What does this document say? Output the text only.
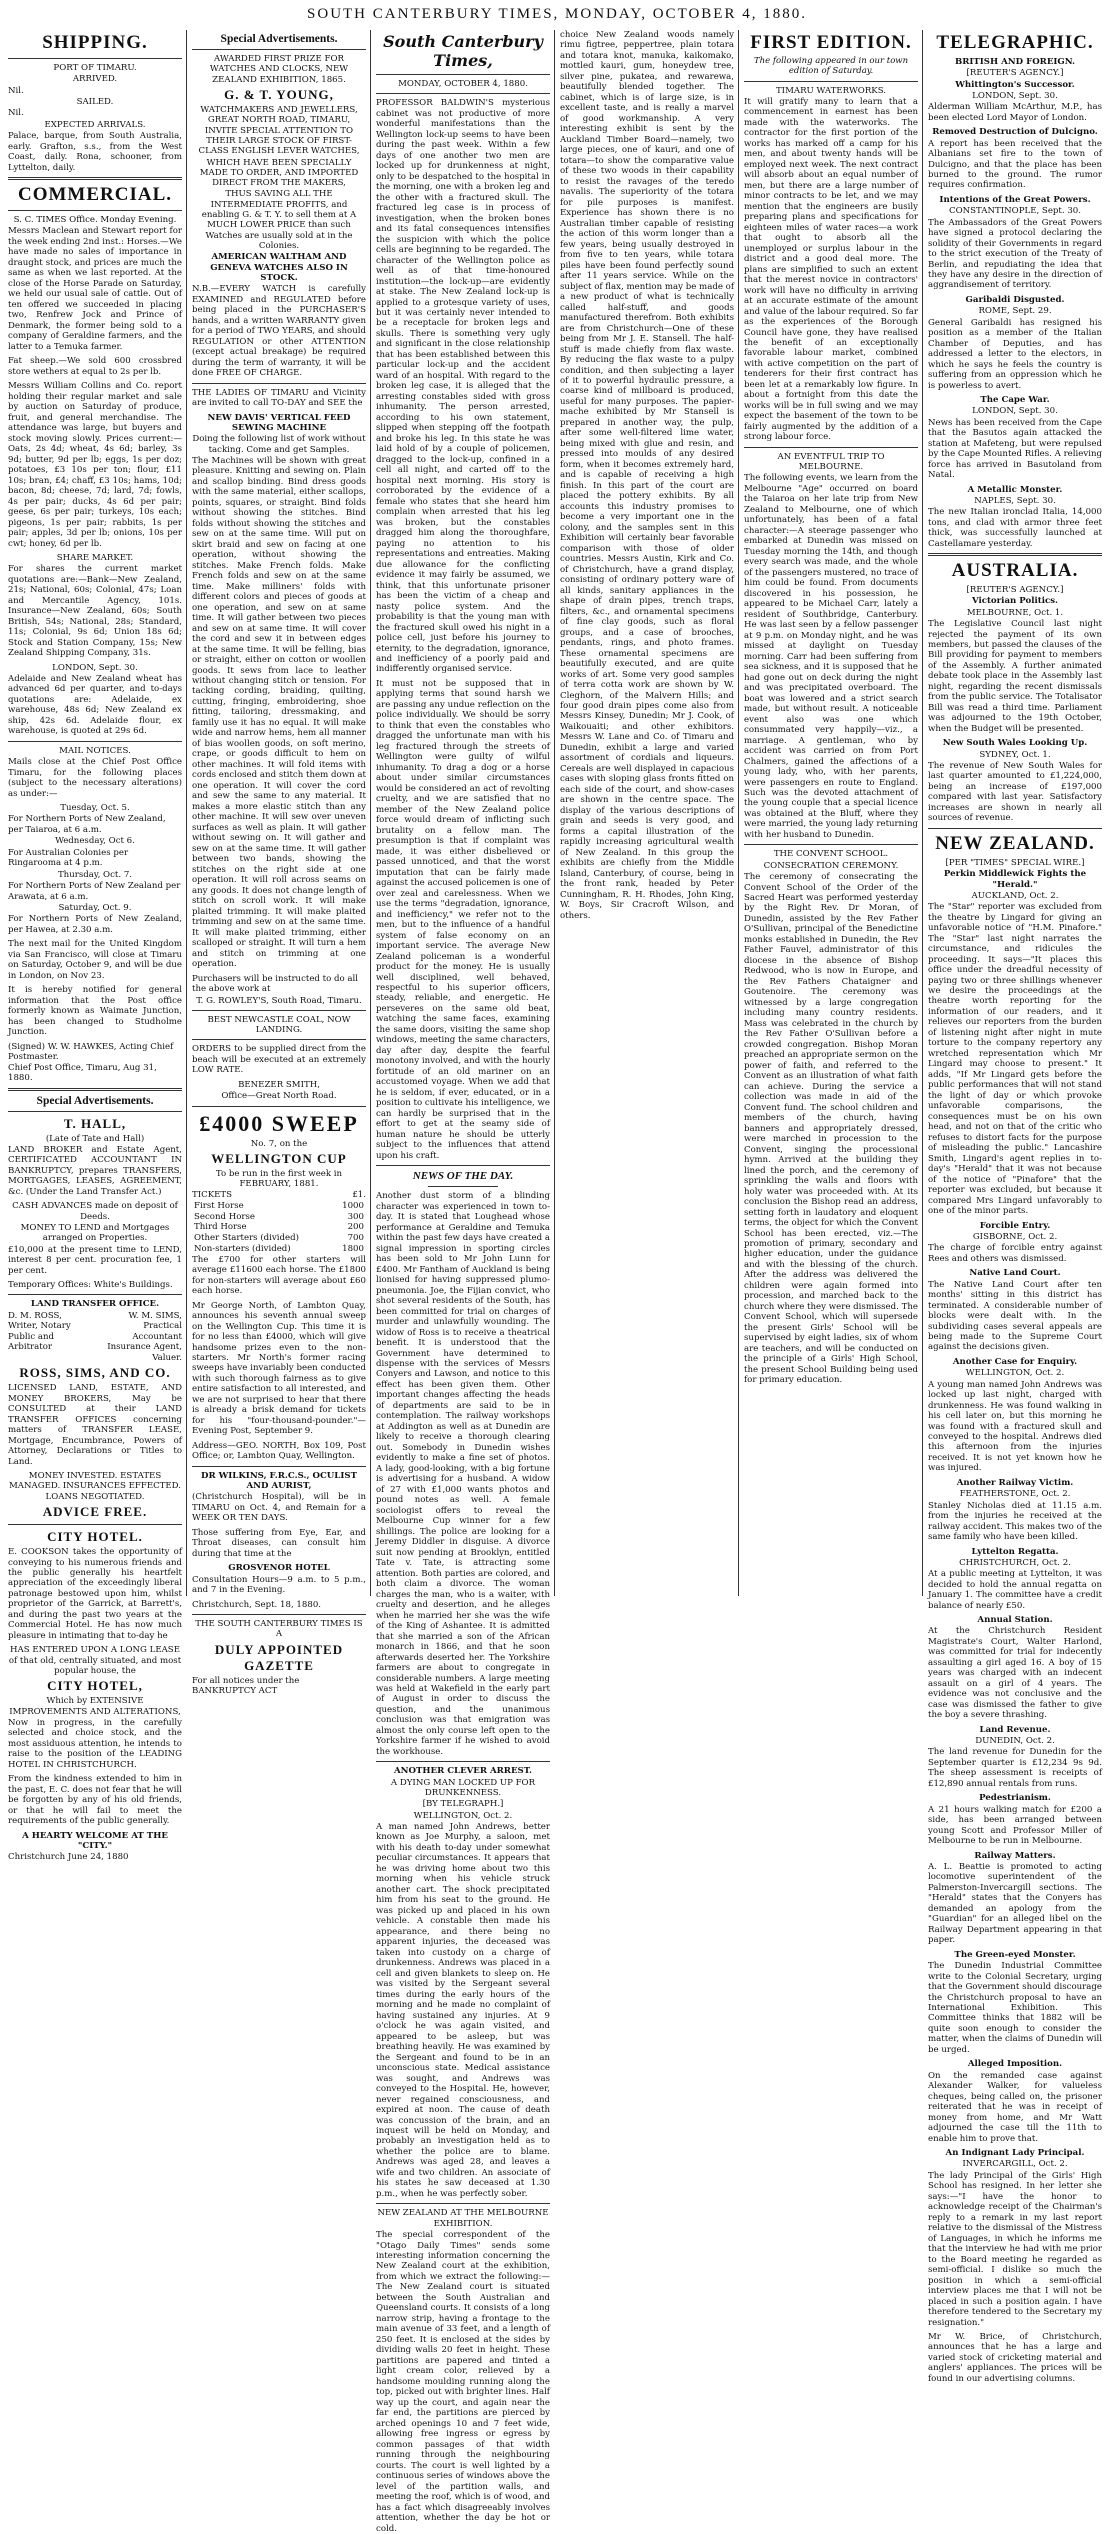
SOUTH CANTERBURY TIMES, MONDAY, OCTOBER 4, 1880.
SHIPPING.
PORT OF TIMARU.
ARRIVED.
Nil.
SAILED.
Nil.
EXPECTED ARRIVALS.
Palace, barque, from South Australia, early. Grafton, s.s., from the West Coast, daily. Rona, schooner, from Lyttelton, daily.
COMMERCIAL.
S. C. TIMES Office. Monday Evening.
Messrs Maclean and Stewart report for the week ending 2nd inst.: Horses.—We have made no sales of importance in draught stock, and prices are much the same as when we last reported. At the close of the Horse Parade on Saturday, we held our usual sale of cattle. Out of ten offered we succeeded in placing two, Renfrew Jock and Prince of Denmark, the former being sold to a company of Geraldine farmers, and the latter to a Temuka farmer.
Fat sheep.—We sold 600 crossbred store wethers at equal to 2s per lb.
Messrs William Collins and Co. report holding their regular market and sale by auction on Saturday of produce, fruit, and general merchandise. The attendance was large, but buyers and stock moving slowly. Prices current:—Oats, 2s 4d; wheat, 4s 6d; barley, 3s 9d; butter, 9d per lb; eggs, 1s per doz; potatoes, £3 10s per ton; flour, £11 10s; bran, £4; chaff, £3 10s; hams, 10d; bacon, 8d; cheese, 7d; lard, 7d; fowls, 4s per pair; ducks, 4s 6d per pair; geese, 6s per pair; turkeys, 10s each; pigeons, 1s per pair; rabbits, 1s per pair; apples, 3d per lb; onions, 10s per cwt; honey, 6d per lb.
SHARE MARKET.
For shares the current market quotations are:—Bank—New Zealand, 21s; National, 60s; Colonial, 47s; Loan and Mercantile Agency, 101s. Insurance—New Zealand, 60s; South British, 54s; National, 28s; Standard, 11s; Colonial, 9s 6d; Union 18s 6d; Stock and Station Company, 15s; New Zealand Shipping Company, 31s.
LONDON, Sept. 30.
Adelaide and New Zealand wheat has advanced 6d per quarter, and to-days quotations are: Adelaide, ex warehouse, 48s 6d; New Zealand ex ship, 42s 6d. Adelaide flour, ex warehouse, is quoted at 29s 6d.
MAIL NOTICES.
Mails close at the Chief Post Office Timaru, for the following places (subject to the necessary alterations) as under:—
Tuesday, Oct. 5.
For Northern Ports of New Zealand, per Taiaroa, at 6 a.m.
Wednesday, Oct 6.
For Australian Colonies per Ringarooma at 4 p.m.
Thursday, Oct. 7.
For Northern Ports of New Zealand per Arawata, at 6 a.m.
Saturday, Oct. 9.
For Northern Ports of New Zealand, per Hawea, at 2.30 a.m.
The next mail for the United Kingdom via San Francisco, will close at Timaru on Saturday, October 9, and will be due in London, on Nov 23.
It is hereby notified for general information that the Post office formerly known as Waimate Junction, has been changed to Studholme Junction.
(Signed) W. W. HAWKES, Acting Chief Postmaster.
Chief Post Office, Timaru, Aug 31, 1880.
Special Advertisements.
T. HALL,
(Late of Tate and Hall)
LAND BROKER and Estate Agent, CERTIFICATED ACCOUNTANT IN BANKRUPTCY, prepares TRANSFERS, MORTGAGES, LEASES, AGREEMENT, &c. (Under the Land Transfer Act.)
CASH ADVANCES made on deposit of Deeds.
MONEY TO LEND and Mortgages arranged on Properties.
£10,000 at the present time to LEND, interest 8 per cent. procuration fee, 1 per cent.
Temporary Offices: White's Buildings.
LAND TRANSFER OFFICE.
D. M. ROSS, Writer, Notary Public and Arbitrator
W. M. SIMS, Practical Accountant Insurance Agent, Valuer.
ROSS, SIMS, AND CO.
LICENSED LAND, ESTATE, AND MONEY BROKERS, May be CONSULTED at their LAND TRANSFER OFFICES concerning matters of TRANSFER LEASE, Mortgage, Encumbrance, Powers of Attorney, Declarations or Titles to Land.
MONEY INVESTED. ESTATES MANAGED. INSURANCES EFFECTED. LOANS NEGOTIATED.
ADVICE FREE.
CITY HOTEL.
E. COOKSON takes the opportunity of conveying to his numerous friends and the public generally his heartfelt appreciation of the exceedingly liberal patronage bestowed upon him, whilst proprietor of the Garrick, at Barrett's, and during the past two years at the Commercial Hotel. He has now much pleasure in intimating that to-day he
HAS ENTERED UPON A LONG LEASE of that old, centrally situated, and most popular house, the
CITY HOTEL,
Which by EXTENSIVE IMPROVEMENTS AND ALTERATIONS,
Now in progress, in the carefully selected and choice stock, and the most assiduous attention, he intends to raise to the position of the LEADING HOTEL IN CHRISTCHURCH.
From the kindness extended to him in the past, E. C. does not fear that he will be forgotten by any of his old friends, or that he will fail to meet the requirements of the public generally.
A HEARTY WELCOME AT THE "CITY."
Christchurch June 24, 1880
Special Advertisements.
AWARDED FIRST PRIZE FOR WATCHES AND CLOCKS, NEW ZEALAND EXHIBITION, 1865.
G. & T. YOUNG,
WATCHMAKERS AND JEWELLERS, GREAT NORTH ROAD, TIMARU, INVITE SPECIAL ATTENTION TO THEIR LARGE STOCK OF FIRST-CLASS ENGLISH LEVER WATCHES,
WHICH HAVE BEEN SPECIALLY MADE TO ORDER, AND IMPORTED DIRECT FROM THE MAKERS,
THUS SAVING ALL THE INTERMEDIATE PROFITS, and enabling G. & T. Y. to sell them at A MUCH LOWER PRICE than such Watches are usually sold at in the Colonies.
AMERICAN WALTHAM AND GENEVA WATCHES ALSO IN STOCK.
N.B.—EVERY WATCH is carefully EXAMINED and REGULATED before being placed in the PURCHASER'S hands, and a written WARRANTY given for a period of TWO YEARS, and should REGULATION or other ATTENTION (except actual breakage) be required during the term of warranty, it will be done FREE OF CHARGE.
THE LADIES OF TIMARU and Vicinity are invited to call TO-DAY and SEE the
NEW DAVIS' VERTICAL FEED SEWING MACHINE
Doing the following list of work without tacking. Come and get Samples.
The Machines will be shown with great pleasure. Knitting and sewing on. Plain and scallop binding. Bind dress goods with the same material, either scallops, points, squares, or straight. Bind folds without showing the stitches. Bind folds without showing the stitches and sew on at the same time. Will put on skirt braid and sew on facing at one operation, without showing the stitches. Make French folds. Make French folds and sew on at the same time. Make milliners' folds with different colors and pieces of goods at one operation, and sew on at same time. It will gather between two pieces and sew on at same time. It will cover the cord and sew it in between edges at the same time. It will be felling, bias or straight, either on cotton or woollen goods. It sews from lace to leather without changing stitch or tension. For tacking cording, braiding, quilting, cutting, fringing, embroidering, shoe fitting, tailoring, dressmaking, and family use it has no equal. It will make wide and narrow hems, hem all manner of bias woollen goods, on soft merino, crape, or goods difficult to hem on other machines. It will fold items with cords enclosed and stitch them down at one operation. It will cover the cord and sew the same to any material. It makes a more elastic stitch than any other machine. It will sew over uneven surfaces as well as plain. It will gather without sewing on. It will gather and sew on at the same time. It will gather between two bands, showing the stitches on the right side at one operation. It will roll across seams on any goods. It does not change length of stitch on scroll work. It will make plaited trimming. It will make plaited trimming and sew on at the same time. It will make plaited trimming, either scalloped or straight. It will turn a hem and stitch on trimming at one operation.
Purchasers will be instructed to do all the above work at
T. G. ROWLEY'S, South Road, Timaru.
BEST NEWCASTLE COAL, NOW LANDING.
ORDERS to be supplied direct from the beach will be executed at an extremely LOW RATE.
BENEZER SMITH,
Office—Great North Road.
£4000 SWEEP
No. 7, on the
WELLINGTON CUP
To be run in the first week in FEBRUARY, 1881.
TICKETS	£1.
First Horse	1000
Second Horse	300
Third Horse	200
Other Starters (divided)	700
Non-starters (divided)	1800
The £700 for other starters will average £11600 each horse. The £1800 for non-starters will average about £60 each horse.
Mr George North, of Lambton Quay, announces his seventh annual sweep on the Wellington Cup. This time it is for no less than £4000, which will give handsome prizes even to the non-starters. Mr North's former racing sweeps have invariably been conducted with such thorough fairness as to give entire satisfaction to all interested, and we are not surprised to hear that there is already a brisk demand for tickets for his "four-thousand-pounder."—Evening Post, September 9.
Address—GEO. NORTH, Box 109, Post Office; or, Lambton Quay, Wellington.
DR WILKINS, F.R.C.S., OCULIST AND AURIST,
(Christchurch Hospital), will be in TIMARU on Oct. 4, and Remain for a WEEK OR TEN DAYS.
Those suffering from Eye, Ear, and Throat diseases, can consult him during that time at the
GROSVENOR HOTEL
Consultation Hours—9 a.m. to 5 p.m., and 7 in the Evening.
Christchurch, Sept. 18, 1880.
THE SOUTH CANTERBURY TIMES IS A
DULY APPOINTED GAZETTE
For all notices under the BANKRUPTCY ACT
South Canterbury Times,
MONDAY, OCTOBER 4, 1880.
PROFESSOR BALDWIN'S mysterious cabinet was not productive of more wonderful manifestations than the Wellington lock-up seems to have been during the past week. Within a few days of one another two men are locked up for drunkenness at night, only to be despatched to the hospital in the morning, one with a broken leg and the other with a fractured skull. The fractured leg case is in process of investigation, when the broken bones and its fatal consequences intensifies the suspicion with which the police cells are beginning to be regarded. The character of the Wellington police as well as of that time-honoured institution—the lock-up—are evidently at stake. The New Zealand lock-up is applied to a grotesque variety of uses, but it was certainly never intended to be a receptacle for broken legs and skulls. There is something very ugly and significant in the close relationship that has been established between this particular lock-up and the accident ward of an hospital. With regard to the broken leg case, it is alleged that the arresting constables sided with gross inhumanity. The person arrested, according to his own statement, slipped when stepping off the footpath and broke his leg. In this state he was laid hold of by a couple of policemen, dragged to the lock-up, confined in a cell all night, and carted off to the hospital next morning. His story is corroborated by the evidence of a female who states that she heard him complain when arrested that his leg was broken, but the constables dragged him along the thoroughfare, paying no attention to his representations and entreaties. Making due allowance for the conflicting evidence it may fairly be assumed, we think, that this unfortunate prisoner has been the victim of a cheap and nasty police system. And the probability is that the young man with the fractured skull owed his night in a police cell, just before his journey to eternity, to the degradation, ignorance, and inefficiency of a poorly paid and indifferently organised service.
It must not be supposed that in applying terms that sound harsh we are passing any undue reflection on the police individually. We should be sorry to think that even the constables who dragged the unfortunate man with his leg fractured through the streets of Wellington were guilty of wilful inhumanity. To drag a dog or a horse about under similar circumstances would be considered an act of revolting cruelty, and we are satisfied that no member of the New Zealand police force would dream of inflicting such brutality on a fellow man. The presumption is that if complaint was made, it was either disbelieved or passed unnoticed, and that the worst imputation that can be fairly made against the accused policemen is one of over zeal and carelessness. When we use the terms "degradation, ignorance, and inefficiency," we refer not to the men, but to the influence of a handful system of false economy on an important service. The average New Zealand policeman is a wonderful product for the money. He is usually well disciplined, well behaved, respectful to his superior officers, steady, reliable, and energetic. He perseveres on the same old beat, watching the same faces, examining the same doors, visiting the same shop windows, meeting the same characters, day after day, despite the fearful monotony involved, and with the hourly fortitude of an old mariner on an accustomed voyage. When we add that he is seldom, if ever, educated, or in a position to cultivate his intelligence, we can hardly be surprised that in the effort to get at the seamy side of human nature he should be utterly subject to the influences that attend upon his craft.
NEWS OF THE DAY.
Another dust storm of a blinding character was experienced in town to-day. It is stated that Loughead whose performance at Geraldine and Temuka within the past few days have created a signal impression in sporting circles has been sold to Mr John Lunn for £400. Mr Fantham of Auckland is being lionised for having suppressed plumo-pneumonia. Joe, the Fijian convict, who shot several residents of the South, has been committed for trial on charges of murder and unlawfully wounding. The widow of Ross is to receive a theatrical benefit. It is understood that the Government have determined to dispense with the services of Messrs Conyers and Lawson, and notice to this effect has been given them. Other important changes affecting the heads of departments are said to be in contemplation. The railway workshops at Addington as well as at Dunedin are likely to receive a thorough clearing out. Somebody in Dunedin wishes evidently to make a fine set of photos. A lady, good-looking, with a big fortune is advertising for a husband. A widow of 27 with £1,000 wants photos and pound notes as well. A female sociologist offers to reveal the Melbourne Cup winner for a few shillings. The police are looking for a Jeremy Diddler in disguise. A divorce suit now pending at Brooklyn, entitled Tate v. Tate, is attracting some attention. Both parties are colored, and both claim a divorce. The woman charges the man, who is a waiter, with cruelty and desertion, and he alleges when he married her she was the wife of the King of Ashantee. It is admitted that she married a son of the African monarch in 1866, and that he soon afterwards deserted her. The Yorkshire farmers are about to congregate in considerable numbers. A large meeting was held at Wakefield in the early part of August in order to discuss the question, and the unanimous conclusion was that emigration was almost the only course left open to the Yorkshire farmer if he wished to avoid the workhouse.
ANOTHER CLEVER ARREST.
A DYING MAN LOCKED UP FOR DRUNKENNESS.
[BY TELEGRAPH.]
WELLINGTON, Oct. 2.
A man named John Andrews, better known as Joe Murphy, a saloon, met with his death to-day under somewhat peculiar circumstances. It appears that he was driving home about two this morning when his vehicle struck another cart. The shock precipitated him from his seat to the ground. He was picked up and placed in his own vehicle. A constable then made his appearance, and there being no apparent injuries, the deceased was taken into custody on a charge of drunkenness. Andrews was placed in a cell and given blankets to sleep on. He was visited by the Sergeant several times during the early hours of the morning and he made no complaint of having sustained any injuries. At 9 o'clock he was again visited, and appeared to be asleep, but was breathing heavily. He was examined by the Sergeant and found to be in an unconscious state. Medical assistance was sought, and Andrews was conveyed to the Hospital. He, however, never regained consciousness, and expired at noon. The cause of death was concussion of the brain, and an inquest will be held on Monday, and probably an investigation held as to whether the police are to blame. Andrews was aged 28, and leaves a wife and two children. An associate of his states he saw deceased at 1.30 p.m., when he was perfectly sober.
NEW ZEALAND AT THE MELBOURNE EXHIBITION.
The special correspondent of the "Otago Daily Times" sends some interesting information concerning the New Zealand court at the exhibition, from which we extract the following:— The New Zealand court is situated between the South Australian and Queensland courts. It consists of a long narrow strip, having a frontage to the main avenue of 33 feet, and a length of 250 feet. It is enclosed at the sides by dividing walls 20 feet in height. These partitions are papered and tinted a light cream color, relieved by a handsome moulding running along the top, picked out with brighter lines. Half way up the court, and again near the far end, the partitions are pierced by arched openings 10 and 7 feet wide, allowing free ingress or egress by common passages of that width running through the neighbouring courts. The court is well lighted by a continuous series of windows above the level of the partition walls, and meeting the roof, which is of wood, and has a fact which disagreeably involves attention, whether the day be hot or cold.
choice New Zealand woods namely rimu figtree, peppertree, plain totara and totara knot, manuka, kaikomako, mottled kauri, gum, honeydew tree, silver pine, pukatea, and rewarewa, beautifully blended together. The cabinet, which is of large size, is in excellent taste, and is really a marvel of good workmanship. A very interesting exhibit is sent by the Auckland Timber Board—namely, two large pieces, one of kauri, and one of totara—to show the comparative value of these two woods in their capability to resist the ravages of the teredo navalis. The superiority of the totara for pile purposes is manifest. Experience has shown there is no Australian timber capable of resisting the action of this worm longer than a few years, being usually destroyed in from five to ten years, while totara piles have been found perfectly sound after 11 years service. While on the subject of flax, mention may be made of a new product of what is technically called half-stuff, and goods manufactured therefrom. Both exhibits are from Christchurch—One of these being from Mr J. E. Stansell. The half-stuff is made chiefly from flax waste. By reducing the flax waste to a pulpy condition, and then subjecting a layer of it to powerful hydraulic pressure, a coarse kind of millboard is produced, useful for many purposes. The papier-mache exhibited by Mr Stansell is prepared in another way, the pulp, after some well-filtered lime water, being mixed with glue and resin, and pressed into moulds of any desired form, when it becomes extremely hard, and is capable of receiving a high finish. In this part of the court are placed the pottery exhibits. By all accounts this industry promises to become a very important one in the colony, and the samples sent in this Exhibition will certainly bear favorable comparison with those of older countries. Messrs Austin, Kirk and Co. of Christchurch, have a grand display, consisting of ordinary pottery ware of all kinds, sanitary appliances in the shape of drain pipes, trench traps, filters, &c., and ornamental specimens of fine clay goods, such as floral groups, and a case of brooches, pendants, rings, and photo frames. These ornamental specimens are beautifully executed, and are quite works of art. Some very good samples of terra cotta work are shown by W. Cleghorn, of the Malvern Hills; and four good drain pipes come also from Messrs Kinsey, Dunedin; Mr J. Cook, of Waikouaiti; and other exhibitors. Messrs W. Lane and Co. of Timaru and Dunedin, exhibit a large and varied assortment of cordials and liqueurs. Cereals are well displayed in capacious cases with sloping glass fronts fitted on each side of the court, and show-cases are shown in the centre space. The display of the various descriptions of grain and seeds is very good, and forms a capital illustration of the rapidly increasing agricultural wealth of New Zealand. In this group the exhibits are chiefly from the Middle Island, Canterbury, of course, being in the front rank, headed by Peter Cunningham, R. H. Rhodes, John King, W. Boys, Sir Cracroft Wilson, and others.
FIRST EDITION.
The following appeared in our town edition of Saturday.
TIMARU WATERWORKS.
It will gratify many to learn that a commencement in earnest has been made with the waterworks. The contractor for the first portion of the works has marked off a camp for his men, and about twenty hands will be employed next week. The next contract will absorb about an equal number of men, but there are a large number of minor contracts to be let, and we may mention that the engineers are busily preparing plans and specifications for eighteen miles of water races—a work that ought to absorb all the unemployed or surplus labour in the district and a good deal more. The plans are simplified to such an extent that the merest novice in contractors' work will have no difficulty in arriving at an accurate estimate of the amount and value of the labour required. So far as the experiences of the Borough Council have gone, they have realised the benefit of an exceptionally favorable labour market, combined with active competition on the part of tenderers for their first contract has been let at a remarkably low figure. In about a fortnight from this date the works will be in full swing and we may expect the basement of the town to be fairly augmented by the addition of a strong labour force.
AN EVENTFUL TRIP TO MELBOURNE.
The following events, we learn from the Melbourne "Age" occurred on board the Taiaroa on her late trip from New Zealand to Melbourne, one of which unfortunately, has been of a fatal character:—A steerage passenger who embarked at Dunedin was missed on Tuesday morning the 14th, and though every search was made, and the whole of the passengers mustered, no trace of him could be found. From documents discovered in his possession, he appeared to be Michael Carr, lately a resident of Southbridge, Canterbury. He was last seen by a fellow passenger at 9 p.m. on Monday night, and he was missed at daylight on Tuesday morning. Carr had been suffering from sea sickness, and it is supposed that he had gone out on deck during the night and was precipitated overboard. The boat was lowered and a strict search made, but without result. A noticeable event also was one which consummated very happily—viz., a marriage. A gentleman, who by accident was carried on from Port Chalmers, gained the affections of a young lady, who, with her parents, were passengers en route to England. Such was the devoted attachment of the young couple that a special licence was obtained at the Bluff, where they were married, the young lady returning with her husband to Dunedin.
THE CONVENT SCHOOL.
CONSECRATION CEREMONY.
The ceremony of consecrating the Convent School of the Order of the Sacred Heart was performed yesterday by the Right Rev. Dr Moran, of Dunedin, assisted by the Rev Father O'Sullivan, principal of the Benedictine monks established in Dunedin, the Rev Father Fauvel, administrator of this diocese in the absence of Bishop Redwood, who is now in Europe, and the Rev Fathers Chataigner and Goutenoire. The ceremony was witnessed by a large congregation including many country residents. Mass was celebrated in the church by the Rev Father O'Sullivan before a crowded congregation. Bishop Moran preached an appropriate sermon on the power of faith, and referred to the Convent as an illustration of what faith can achieve. During the service a collection was made in aid of the Convent fund. The school children and members of the church, having banners and appropriately dressed, were marched in procession to the Convent, singing the processional hymn. Arrived at the building they lined the porch, and the ceremony of sprinkling the walls and floors with holy water was proceeded with. At its conclusion the Bishop read an address, setting forth in laudatory and eloquent terms, the object for which the Convent School has been erected, viz.—The promotion of primary, secondary and higher education, under the guidance and with the blessing of the church. After the address was delivered the children were again formed into procession, and marched back to the church where they were dismissed. The Convent School, which will supersede the present Girls' School will be supervised by eight ladies, six of whom are teachers, and will be conducted on the principle of a Girls' High School, the present School Building being used for primary education.
TELEGRAPHIC.
BRITISH AND FOREIGN.
[REUTER'S AGENCY.]
Whittington's Successor.
LONDON, Sept. 30.
Alderman William McArthur, M.P., has been elected Lord Mayor of London.
Removed Destruction of Dulcigno.
A report has been received that the Albanians set fire to the town of Dulcigno, and that the place has been burned to the ground. The rumor requires confirmation.
Intentions of the Great Powers.
CONSTANTINOPLE, Sept. 30.
The Ambassadors of the Great Powers have signed a protocol declaring the solidity of their Governments in regard to the strict execution of the Treaty of Berlin, and repudiating the idea that they have any desire in the direction of aggrandisement of territory.
Garibaldi Disgusted.
ROME, Sept. 29.
General Garibaldi has resigned his position as a member of the Italian Chamber of Deputies, and has addressed a letter to the electors, in which he says he feels the country is suffering from an oppression which he is powerless to avert.
The Cape War.
LONDON, Sept. 30.
News has been received from the Cape that the Basutos again attacked the station at Mafeteng, but were repulsed by the Cape Mounted Rifles. A relieving force has arrived in Basutoland from Natal.
A Metallic Monster.
NAPLES, Sept. 30.
The new Italian ironclad Italia, 14,000 tons, and clad with armor three feet thick, was successfully launched at Castellamare yesterday.
AUSTRALIA.
[REUTER'S AGENCY.]
Victorian Politics.
MELBOURNE, Oct. 1.
The Legislative Council last night rejected the payment of its own members, but passed the clauses of the Bill providing for payment to members of the Assembly. A further animated debate took place in the Assembly last night, regarding the recent dismissals from the public service. The Totalisator Bill was read a third time. Parliament was adjourned to the 19th October, when the Budget will be presented.
New South Wales Looking Up.
SYDNEY, Oct. 1.
The revenue of New South Wales for last quarter amounted to £1,224,000, being an increase of £197,000 compared with last year. Satisfactory increases are shown in nearly all sources of revenue.
NEW ZEALAND.
[PER "TIMES" SPECIAL WIRE.]
Perkin Middlewick Fights the "Herald."
AUCKLAND, Oct. 2.
The "Star" reporter was excluded from the theatre by Lingard for giving an unfavorable notice of "H.M. Pinafore." The "Star" last night narrates the circumstance, and ridicules the proceeding. It says—"It places this office under the dreadful necessity of paying two or three shillings whenever we desire the proceedings at the theatre worth reporting for the information of our readers, and it relieves our reporters from the burden of listening night after night in mute torture to the company repertory any wretched representation which Mr Lingard may choose to present." It adds, "If Mr Lingard gets before the public performances that will not stand the light of day or which provoke unfavorable comparisons, the consequences must be on his own head, and not on that of the critic who refuses to distort facts for the purpose of misleading the public." Lancashire Smith, Lingard's agent replies in to-day's "Herald" that it was not because of the notice of "Pinafore" that the reporter was excluded, but because it compared Mrs Lingard unfavorably to one of the minor parts.
Forcible Entry.
GISBORNE, Oct. 2.
The charge of forcible entry against Rees and others was dismissed.
Native Land Court.
The Native Land Court after ten months' sitting in this district has terminated. A considerable number of blocks were dealt with. In the subdividing cases several appeals are being made to the Supreme Court against the decisions given.
Another Case for Enquiry.
WELLINGTON, Oct. 2.
A young man named John Andrews was locked up last night, charged with drunkenness. He was found walking in his cell later on, but this morning he was found with a fractured skull and conveyed to the hospital. Andrews died this afternoon from the injuries received. It is not yet known how he was injured.
Another Railway Victim.
FEATHERSTONE, Oct. 2.
Stanley Nicholas died at 11.15 a.m. from the injuries he received at the railway accident. This makes two of the same family who have been killed.
Lyttelton Regatta.
CHRISTCHURCH, Oct. 2.
At a public meeting at Lyttelton, it was decided to hold the annual regatta on January 1. The committee have a credit balance of nearly £50.
Annual Station.
At the Christchurch Resident Magistrate's Court, Walter Harlond, was committed for trial for indecently assaulting a girl aged 16. A boy of 15 years was charged with an indecent assault on a girl of 4 years. The evidence was not conclusive and the case was dismissed the father to give the boy a severe thrashing.
Land Revenue.
DUNEDIN, Oct. 2.
The land revenue for Dunedin for the September quarter is £12,234 9s 9d. The sheep assessment is receipts of £12,890 annual rentals from runs.
Pedestrianism.
A 21 hours walking match for £200 a side, has been arranged between young Scott and Professor Miller of Melbourne to be run in Melbourne.
Railway Matters.
A. L. Beattie is promoted to acting locomotive superintendent of the Palmerston-Invercargill sections. The "Herald" states that the Conyers has demanded an apology from the "Guardian" for an alleged libel on the Railway Department appearing in that paper.
The Green-eyed Monster.
The Dunedin Industrial Committee write to the Colonial Secretary, urging that the Government should discourage the Christchurch proposal to have an International Exhibition. This Committee thinks that 1882 will be quite soon enough to consider the matter, when the claims of Dunedin will be urged.
Alleged Imposition.
On the remanded case against Alexander Walker, for valueless cheques, being called on, the prisoner reiterated that he was in receipt of money from home, and Mr Watt adjourned the case till the 11th to enable him to prove that.
An Indignant Lady Principal.
INVERCARGILL, Oct. 2.
The lady Principal of the Girls' High School has resigned. In her letter she says:—"I have the honor to acknowledge receipt of the Chairman's reply to a remark in my last report relative to the dismissal of the Mistress of Languages, in which he informs me that the interview he had with me prior to the Board meeting he regarded as semi-official. I dislike so much the position in which a semi-official interview places me that I will not be placed in such a position again. I have therefore tendered to the Secretary my resignation."
Mr W. Brice, of Christchurch, announces that he has a large and varied stock of cricketing material and anglers' appliances. The prices will be found in our advertising columns.
